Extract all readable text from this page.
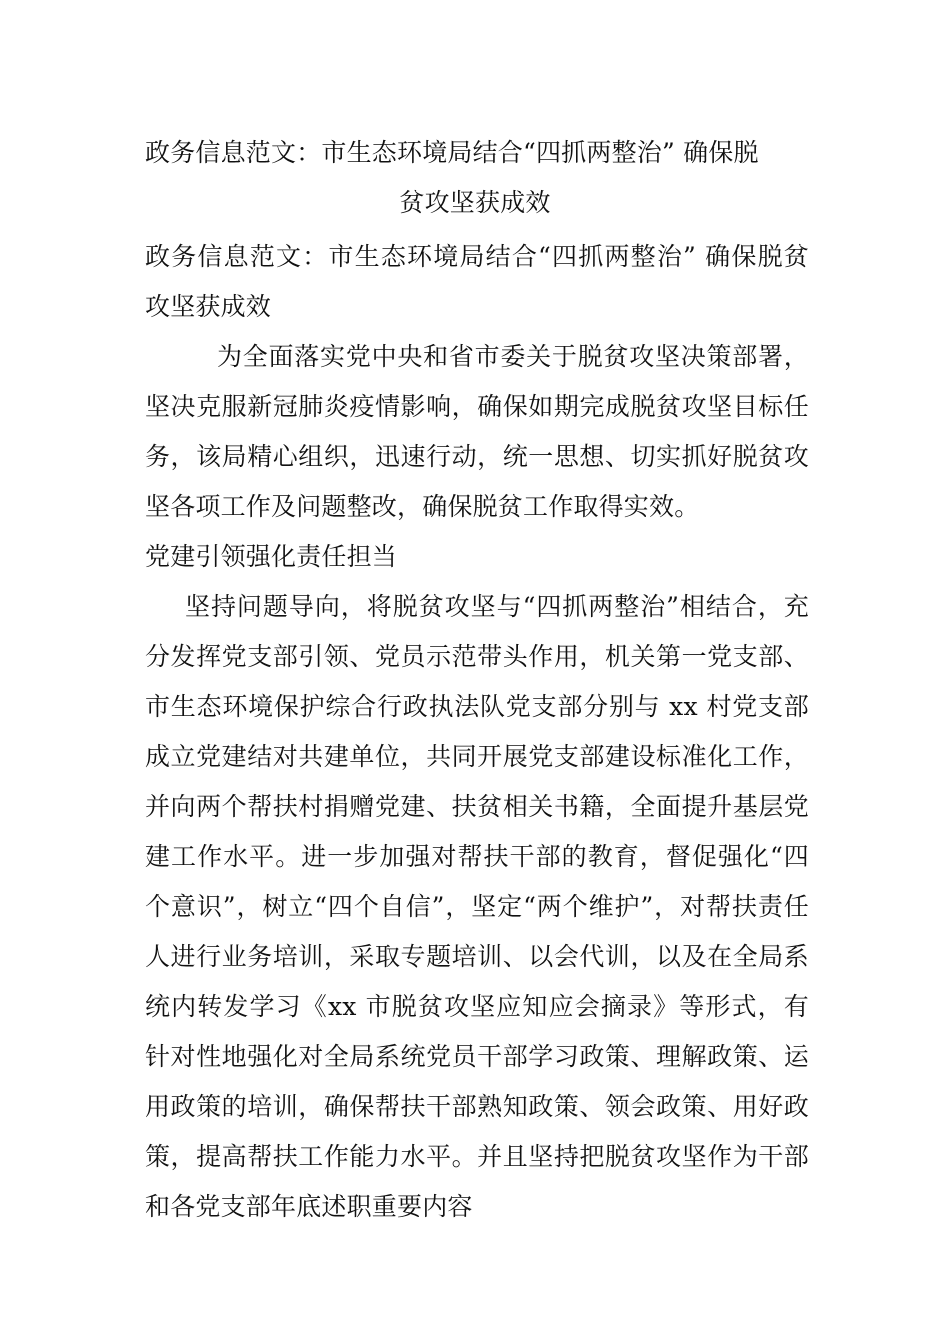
政务信息范文：市生态环境局结合“四抓两整治” 确保脱
贫攻坚获成效

政务信息范文：市生态环境局结合“四抓两整治” 确保脱贫攻坚获成效

为全面落实党中央和省市委关于脱贫攻坚决策部署，坚决克服新冠肺炎疫情影响，确保如期完成脱贫攻坚目标任务，该局精心组织，迅速行动，统一思想、切实抓好脱贫攻坚各项工作及问题整改，确保脱贫工作取得实效。

党建引领强化责任担当

坚持问题导向，将脱贫攻坚与“四抓两整治”相结合，充分发挥党支部引领、党员示范带头作用，机关第一党支部、市生态环境保护综合行政执法队党支部分别与 xx 村党支部成立党建结对共建单位，共同开展党支部建设标准化工作，并向两个帮扶村捐赠党建、扶贫相关书籍，全面提升基层党建工作水平。进一步加强对帮扶干部的教育，督促强化“四个意识”，树立“四个自信”，坚定“两个维护”，对帮扶责任人进行业务培训，采取专题培训、以会代训，以及在全局系统内转发学习《xx 市脱贫攻坚应知应会摘录》等形式，有针对性地强化对全局系统党员干部学习政策、理解政策、运用政策的培训，确保帮扶干部熟知政策、领会政策、用好政策，提高帮扶工作能力水平。并且坚持把脱贫攻坚作为干部和各党支部年底述职重要内容
